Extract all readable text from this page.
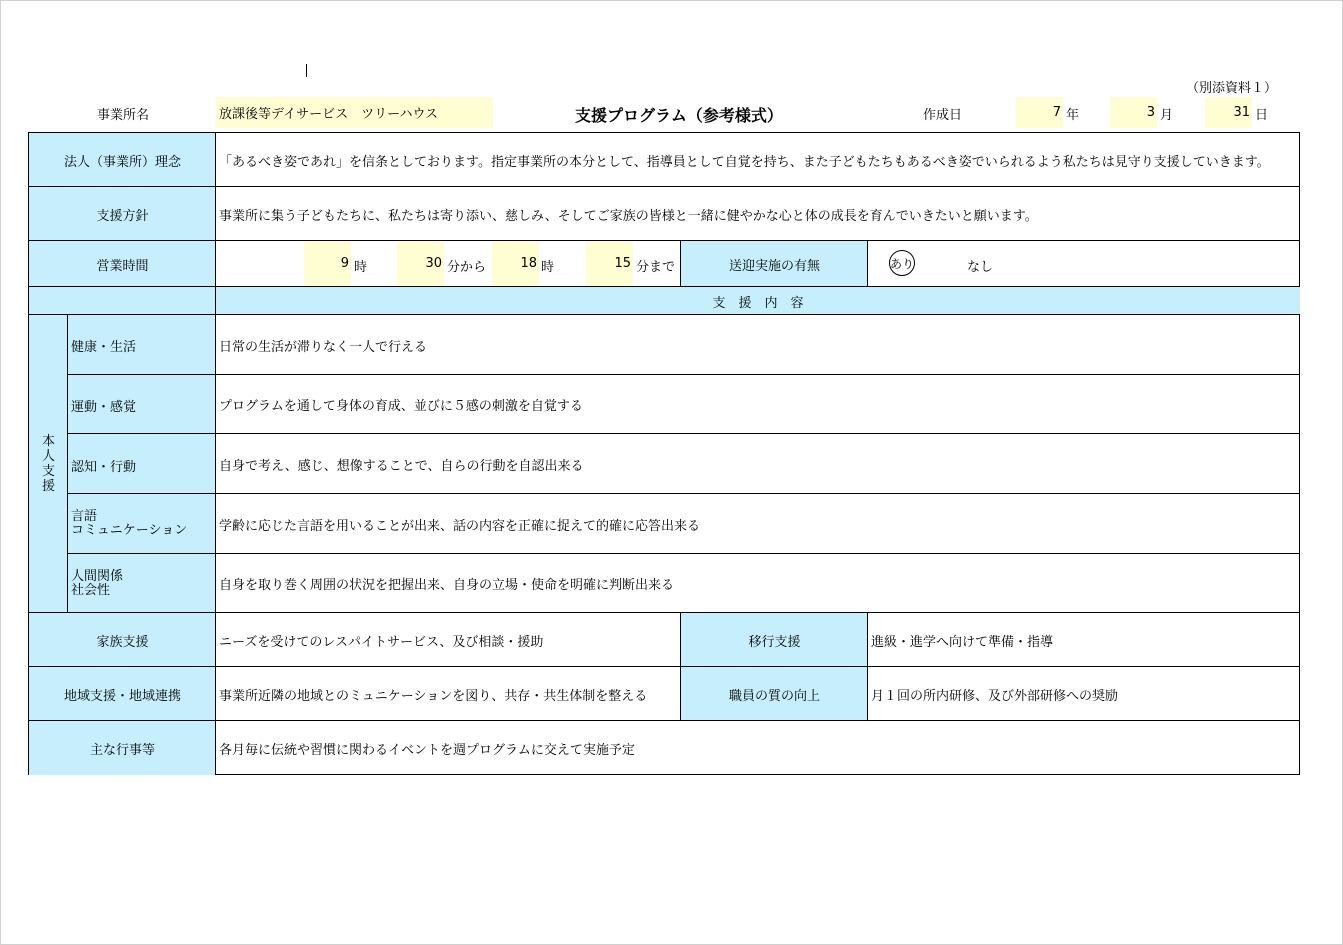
（別添資料１）
事業所名	放課後等デイサービス　ツリーハウス	支援プログラム（参考様式）	作成日	7 年	3 月	31 日
法人（事業所）理念	「あるべき姿であれ」を信条としております。指定事業所の本分として、指導員として自覚を持ち、また子どもたちもあるべき姿でいられるよう私たちは見守り支援していきます。
支援方針	事業所に集う子どもたちに、私たちは寄り添い、慈しみ、そしてご家族の皆様と一緒に健やかな心と体の成長を育んでいきたいと願います。
営業時間	9 時	30 分から	18 時	15 分まで	送迎実施の有無	あり	なし
支　援　内　容
本
人
支
援
健康・生活	日常の生活が滞りなく一人で行える
運動・感覚	プログラムを通して身体の育成、並びに５感の刺激を自覚する
認知・行動	自身で考え、感じ、想像することで、自らの行動を自認出来る
言語
コミュニケーション	学齢に応じた言語を用いることが出来、話の内容を正確に捉えて的確に応答出来る
人間関係
社会性	自身を取り巻く周囲の状況を把握出来、自身の立場・使命を明確に判断出来る
家族支援	ニーズを受けてのレスパイトサービス、及び相談・援助	移行支援	進級・進学へ向けて準備・指導
地域支援・地域連携	事業所近隣の地域とのミュニケーションを図り、共存・共生体制を整える	職員の質の向上	月１回の所内研修、及び外部研修への奨励
主な行事等	各月毎に伝統や習慣に関わるイベントを週プログラムに交えて実施予定
